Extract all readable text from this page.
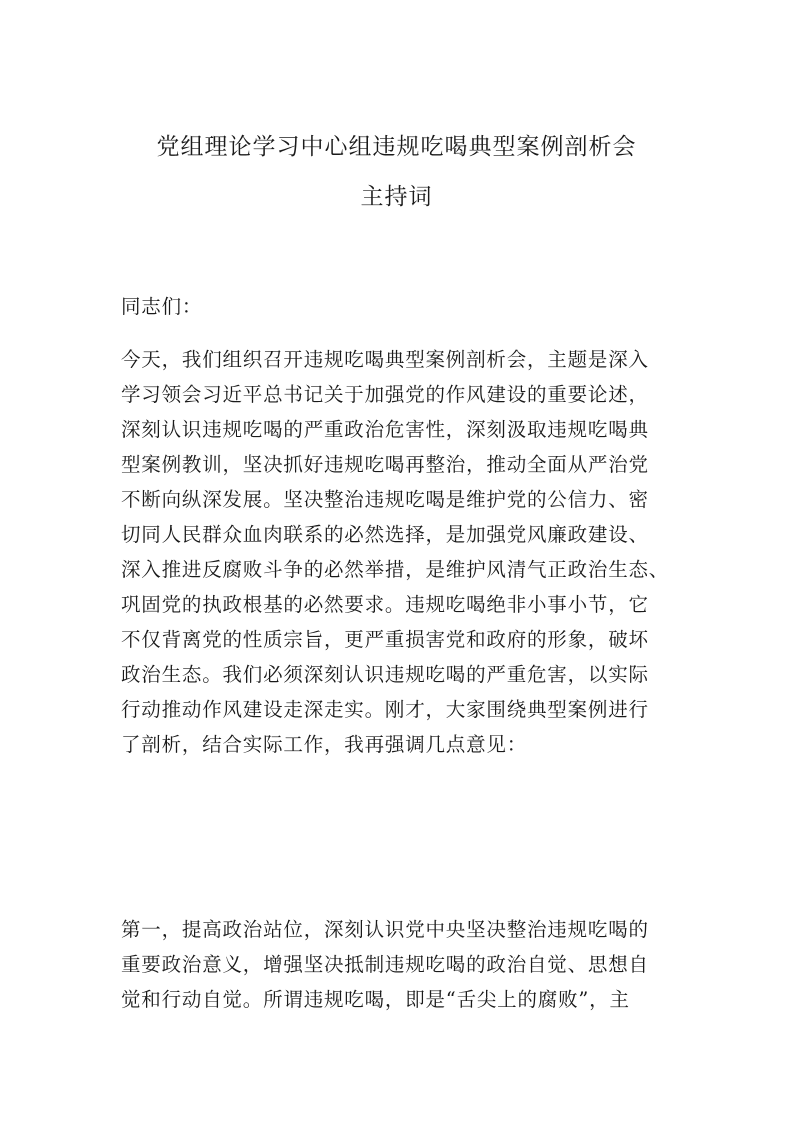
党组理论学习中心组违规吃喝典型案例剖析会
主持词
同志们：
今天，我们组织召开违规吃喝典型案例剖析会，主题是深入
学习领会习近平总书记关于加强党的作风建设的重要论述，
深刻认识违规吃喝的严重政治危害性，深刻汲取违规吃喝典
型案例教训，坚决抓好违规吃喝再整治，推动全面从严治党
不断向纵深发展。坚决整治违规吃喝是维护党的公信力、密
切同人民群众血肉联系的必然选择，是加强党风廉政建设、
深入推进反腐败斗争的必然举措，是维护风清气正政治生态、
巩固党的执政根基的必然要求。违规吃喝绝非小事小节，它
不仅背离党的性质宗旨，更严重损害党和政府的形象，破坏
政治生态。我们必须深刻认识违规吃喝的严重危害，以实际
行动推动作风建设走深走实。刚才，大家围绕典型案例进行
了剖析，结合实际工作，我再强调几点意见：
第一，提高政治站位，深刻认识党中央坚决整治违规吃喝的
重要政治意义，增强坚决抵制违规吃喝的政治自觉、思想自
觉和行动自觉。所谓违规吃喝，即是“舌尖上的腐败”，主
